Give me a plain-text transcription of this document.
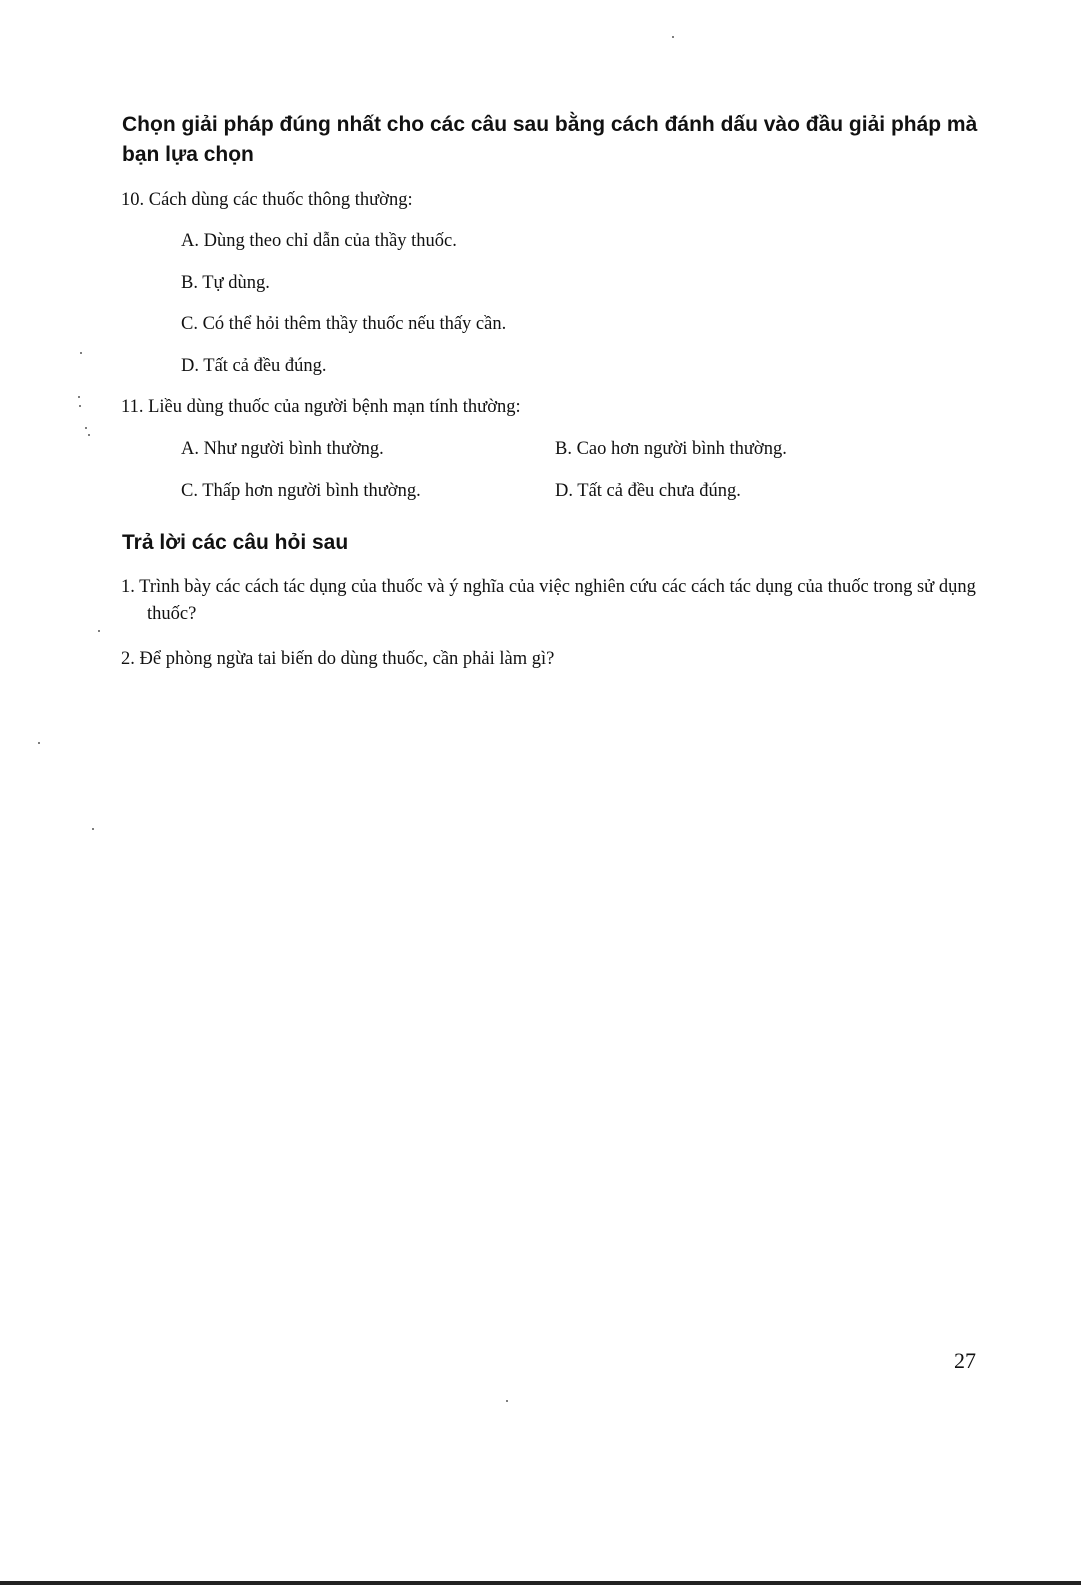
Chọn giải pháp đúng nhất cho các câu sau bằng cách đánh dấu vào đầu giải pháp mà bạn lựa chọn
10. Cách dùng các thuốc thông thường:
A. Dùng theo chỉ dẫn của thầy thuốc.
B. Tự dùng.
C. Có thể hỏi thêm thầy thuốc nếu thấy cần.
D. Tất cả đều đúng.
11. Liều dùng thuốc của người bệnh mạn tính thường:
A. Như người bình thường.	B. Cao hơn người bình thường.
C. Thấp hơn người bình thường.	D. Tất cả đều chưa đúng.
Trả lời các câu hỏi sau
1. Trình bày các cách tác dụng của thuốc và ý nghĩa của việc nghiên cứu các cách tác dụng của thuốc trong sử dụng thuốc?
2. Để phòng ngừa tai biến do dùng thuốc, cần phải làm gì?
27
